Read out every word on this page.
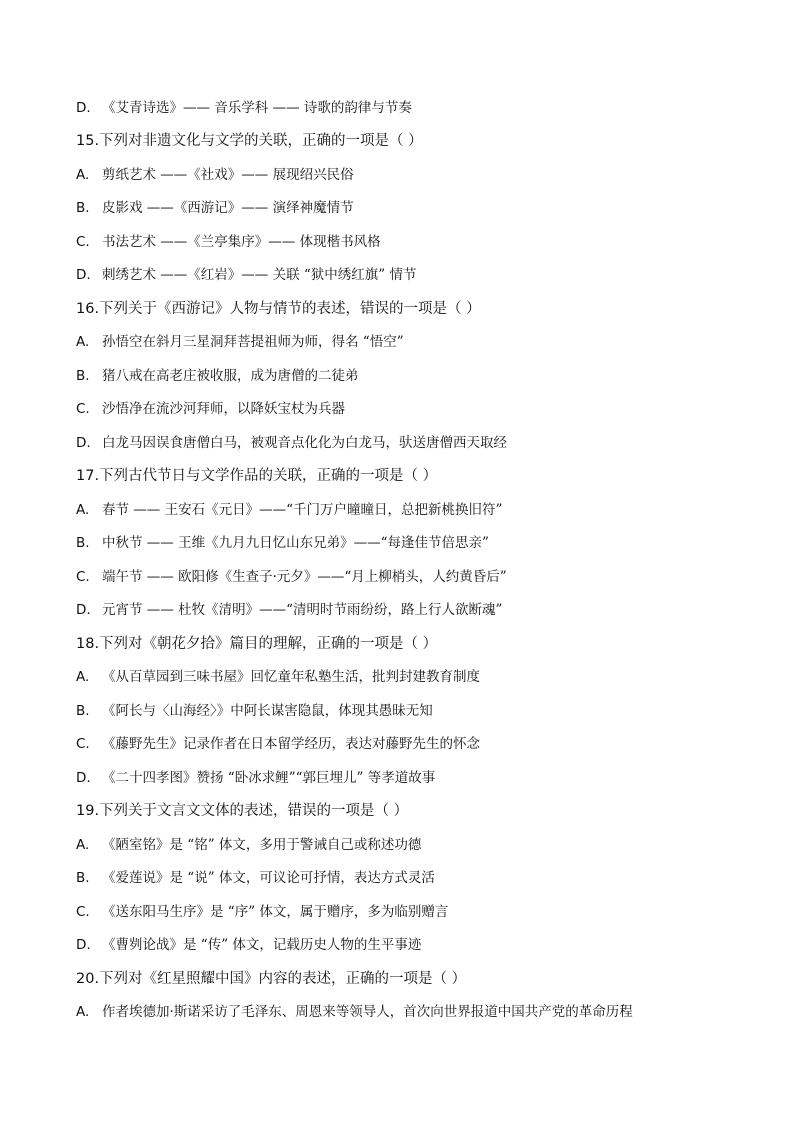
D. 《艾青诗选》—— 音乐学科 —— 诗歌的韵律与节奏
15.下列对非遗文化与文学的关联，正确的一项是（ ）
A. 剪纸艺术 ——《社戏》—— 展现绍兴民俗
B. 皮影戏 ——《西游记》—— 演绎神魔情节
C. 书法艺术 ——《兰亭集序》—— 体现楷书风格
D. 刺绣艺术 ——《红岩》—— 关联 “狱中绣红旗” 情节
16.下列关于《西游记》人物与情节的表述，错误的一项是（ ）
A. 孙悟空在斜月三星洞拜菩提祖师为师，得名 “悟空”
B. 猪八戒在高老庄被收服，成为唐僧的二徒弟
C. 沙悟净在流沙河拜师，以降妖宝杖为兵器
D. 白龙马因误食唐僧白马，被观音点化化为白龙马，驮送唐僧西天取经
17.下列古代节日与文学作品的关联，正确的一项是（ ）
A. 春节 —— 王安石《元日》——“千门万户曈曈日，总把新桃换旧符”
B. 中秋节 —— 王维《九月九日忆山东兄弟》——“每逢佳节倍思亲”
C. 端午节 —— 欧阳修《生查子·元夕》——“月上柳梢头，人约黄昏后”
D. 元宵节 —— 杜牧《清明》——“清明时节雨纷纷，路上行人欲断魂”
18.下列对《朝花夕拾》篇目的理解，正确的一项是（ ）
A. 《从百草园到三味书屋》回忆童年私塾生活，批判封建教育制度
B. 《阿长与〈山海经〉》中阿长谋害隐鼠，体现其愚昧无知
C. 《藤野先生》记录作者在日本留学经历，表达对藤野先生的怀念
D. 《二十四孝图》赞扬 “卧冰求鲤”“郭巨埋儿” 等孝道故事
19.下列关于文言文文体的表述，错误的一项是（ ）
A. 《陋室铭》是 “铭” 体文，多用于警诫自己或称述功德
B. 《爱莲说》是 “说” 体文，可议论可抒情，表达方式灵活
C. 《送东阳马生序》是 “序” 体文，属于赠序，多为临别赠言
D. 《曹刿论战》是 “传” 体文，记载历史人物的生平事迹
20.下列对《红星照耀中国》内容的表述，正确的一项是（ ）
A. 作者埃德加·斯诺采访了毛泽东、周恩来等领导人，首次向世界报道中国共产党的革命历程
